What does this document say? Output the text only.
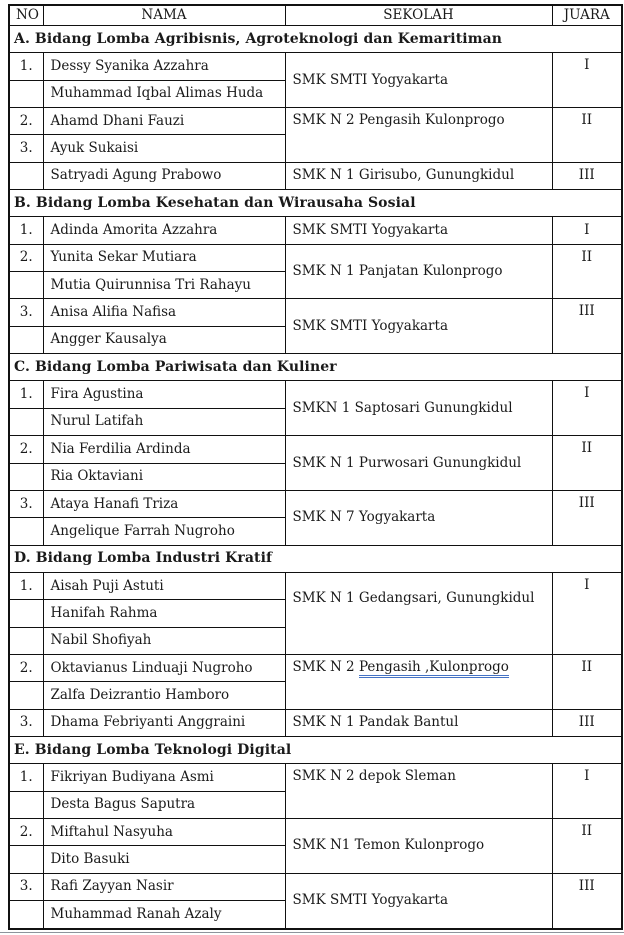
NO	NAMA	SEKOLAH	JUARA
A. Bidang Lomba Agribisnis, Agroteknologi dan Kemaritiman			
1.	Dessy Syanika Azzahra	SMK SMTI Yogyakarta	I
	Muhammad Iqbal Alimas Huda		
2.	Ahamd Dhani Fauzi	SMK N 2 Pengasih Kulonprogo	II
3.	Ayuk Sukaisi		
	Satryadi Agung Prabowo	SMK N 1 Girisubo, Gunungkidul	III
B. Bidang Lomba Kesehatan dan Wirausaha Sosial			
1.	Adinda Amorita Azzahra	SMK SMTI Yogyakarta	I
2.	Yunita Sekar Mutiara	SMK N 1 Panjatan Kulonprogo	II
	Mutia Quirunnisa Tri Rahayu		
3.	Anisa Alifia Nafisa	SMK SMTI Yogyakarta	III
	Angger Kausalya		
C. Bidang Lomba Pariwisata dan Kuliner			
1.	Fira Agustina	SMKN 1 Saptosari Gunungkidul	I
	Nurul Latifah		
2.	Nia Ferdilia Ardinda	SMK N 1 Purwosari Gunungkidul	II
	Ria Oktaviani		
3.	Ataya Hanafi Triza	SMK N 7 Yogyakarta	III
	Angelique Farrah Nugroho		
D. Bidang Lomba Industri Kratif			
1.	Aisah Puji Astuti	SMK N 1 Gedangsari, Gunungkidul	I
	Hanifah Rahma		
	Nabil Shofiyah		
2.	Oktavianus Linduaji Nugroho	SMK N 2 Pengasih ,Kulonprogo	II
	Zalfa Deizrantio Hamboro		
3.	Dhama Febriyanti Anggraini	SMK N 1 Pandak Bantul	III
E. Bidang Lomba Teknologi Digital			
1.	Fikriyan Budiyana Asmi	SMK N 2 depok Sleman	I
	Desta Bagus Saputra		
2.	Miftahul Nasyuha	SMK N1 Temon Kulonprogo	II
	Dito Basuki		
3.	Rafi Zayyan Nasir	SMK SMTI Yogyakarta	III
	Muhammad Ranah Azaly		
